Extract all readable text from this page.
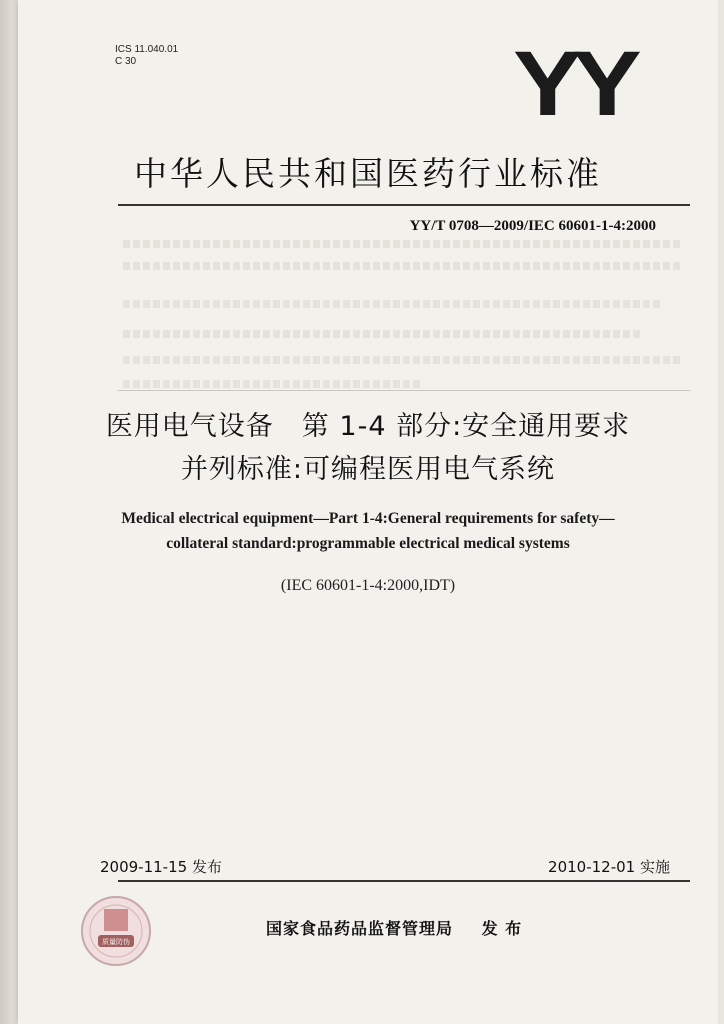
ICS 11.040.01
C 30	YY
中华人民共和国医药行业标准
YY/T 0708—2009/IEC 60601-1-4:2000
医用电气设备　第 1-4 部分:安全通用要求
并列标准:可编程医用电气系统
Medical electrical equipment—Part 1-4:General requirements for safety—
collateral standard:programmable electrical medical systems
(IEC 60601-1-4:2000,IDT)
2009-11-15 发布	2010-12-01 实施
质量防伪
国家食品药品监督管理局 发 布
